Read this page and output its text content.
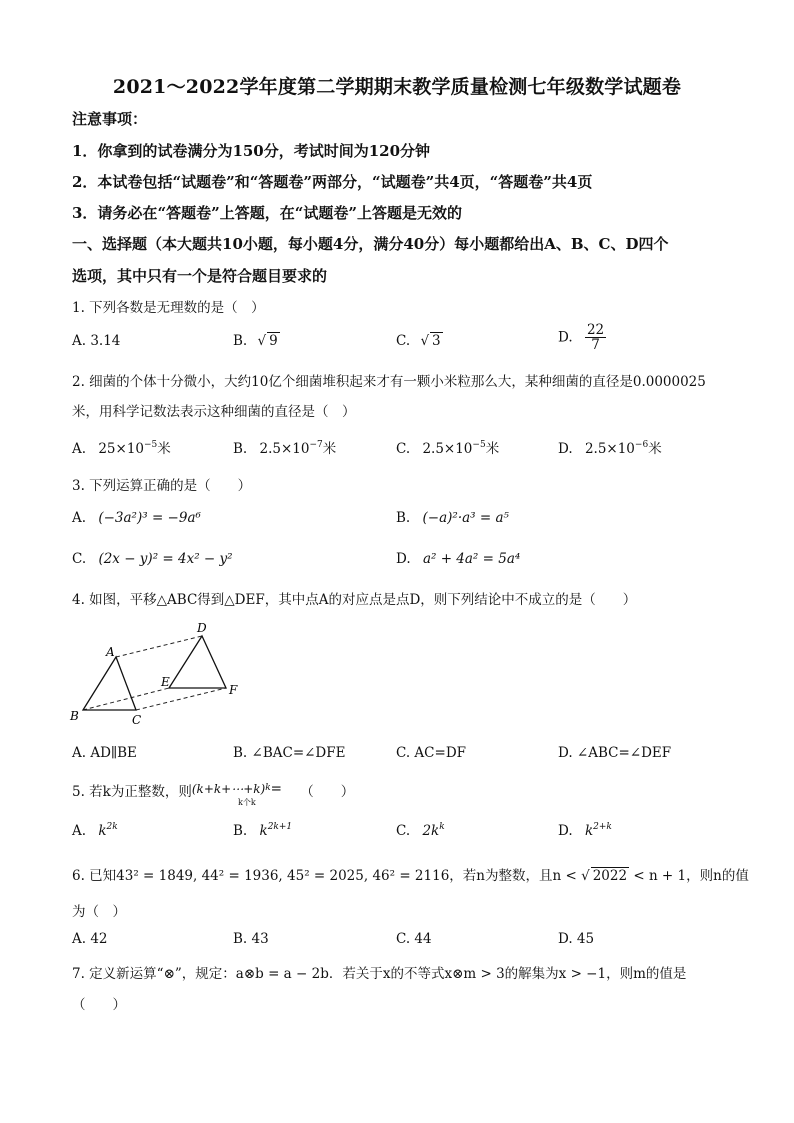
2021～2022学年度第二学期期末教学质量检测七年级数学试题卷
注意事项：
1．你拿到的试卷满分为150分，考试时间为120分钟
2．本试卷包括“试题卷”和“答题卷”两部分，“试题卷”共4页，“答题卷”共4页
3．请务必在“答题卷”上答题，在“试题卷”上答题是无效的
一、选择题（本大题共10小题，每小题4分，满分40分）每小题都给出A、B、C、D四个
选项，其中只有一个是符合题目要求的
1. 下列各数是无理数的是（　）
A. 3.14	B. √ 9	C. √ 3	D. $\frac{22}{7}$
2. 细菌的个体十分微小，大约10亿个细菌堆积起来才有一颗小米粒那么大，某种细菌的直径是0.0000025
米，用科学记数法表示这种细菌的直径是（　）
A. $25\times 10^{-5}$米	B. $2.5\times 10^{-7}$米	C. $2.5\times 10^{-5}$米	D. $2.5\times 10^{-6}$米
3. 下列运算正确的是（　　）
A. (−3a²)³ = −9a⁶	B. (−a)²·a³ = a⁵
C. (2x − y)² = 4x² − y²	D. a² + 4a² = 5a⁴
4. 如图，平移△ABC得到△DEF，其中点A的对应点是点D，则下列结论中不成立的是（　　）
A
B	C
D
E
F
A. AD∥BE	B. ∠BAC=∠DFE	C. AC=DF	D. ∠ABC=∠DEF
5. 若k为正整数，则(k+k+⋯+k)$^k$= （　　）
k个k
A. $k^{2k}$	B. $k^{2k+1}$	C. $2k^k$	D. $k^{2+k}$
6. 已知43² = 1849, 44² = 1936, 45² = 2025, 46² = 2116，若n为整数，且n < √ 2022 < n + 1，则n的值
为（　）
A. 42	B. 43	C. 44	D. 45
7. 定义新运算“⊗”，规定：a⊗b = a − 2b．若关于x的不等式x⊗m > 3的解集为x > −1，则m的值是
（　　）
